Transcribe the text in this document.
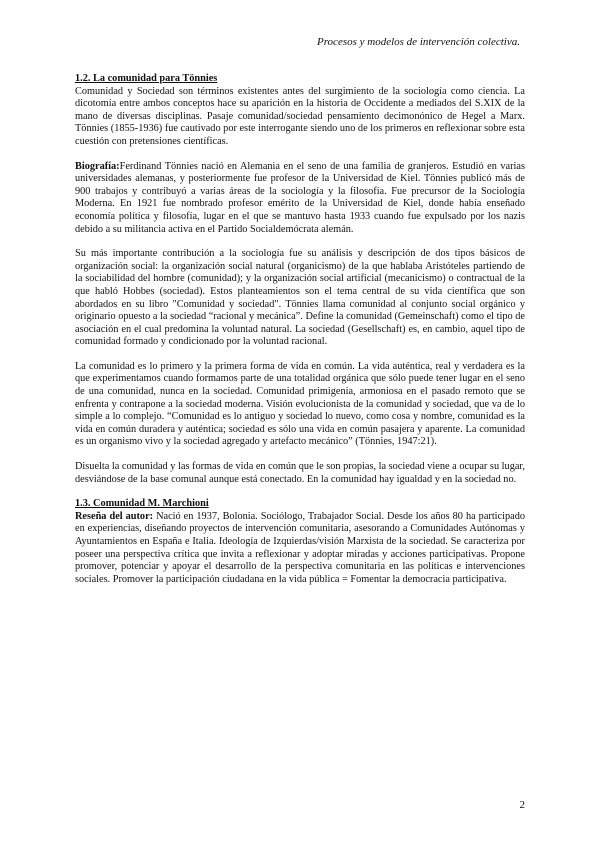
Procesos y modelos de intervención colectiva.

1.2. La comunidad para Tönnies

Comunidad y Sociedad son términos existentes antes del surgimiento de la sociología como ciencia. La dicotomía entre ambos conceptos hace su aparición en la historia de Occidente a mediados del S.XIX de la mano de diversas disciplinas. Pasaje comunidad/sociedad pensamiento decimonónico de Hegel a Marx. Tönnies (1855-1936) fue cautivado por este interrogante siendo uno de los primeros en reflexionar sobre esta cuestión con pretensiones científicas.

Biografía:Ferdinand Tönnies nació en Alemania en el seno de una familia de granjeros. Estudió en varias universidades alemanas, y posteriormente fue profesor de la Universidad de Kiel. Tönnies publicó más de 900 trabajos y contribuyó a varias áreas de la sociología y la filosofía. Fue precursor de la Sociología Moderna. En 1921 fue nombrado profesor emérito de la Universidad de Kiel, donde había enseñado economía política y filosofía, lugar en el que se mantuvo hasta 1933 cuando fue expulsado por los nazis debido a su militancia activa en el Partido Socialdemócrata alemán.

Su más importante contribución a la sociología fue su análisis y descripción de dos tipos básicos de organización social: la organización social natural (organicismo) de la que hablaba Aristóteles partiendo de la sociabilidad del hombre (comunidad); y la organización social artificial (mecanicismo) o contractual de la que habló Hobbes (sociedad). Estos planteamientos son el tema central de su vida científica que son abordados en su libro "Comunidad y sociedad". Tönnies llama comunidad al conjunto social orgánico y originario opuesto a la sociedad “racional y mecánica”. Define la comunidad (Gemeinschaft) como el tipo de asociación en el cual predomina la voluntad natural. La sociedad (Gesellschaft) es, en cambio, aquel tipo de comunidad formado y condicionado por la voluntad racional.

La comunidad es lo primero y la primera forma de vida en común. La vida auténtica, real y verdadera es la que experimentamos cuando formamos parte de una totalidad orgánica que sólo puede tener lugar en el seno de una comunidad, nunca en la sociedad. Comunidad primigenia, armoniosa en el pasado remoto que se enfrenta y contrapone a la sociedad moderna. Visión evolucionista de la comunidad y sociedad, que va de lo simple a lo complejo. “Comunidad es lo antiguo y sociedad lo nuevo, como cosa y nombre, comunidad es la vida en común duradera y auténtica; sociedad es sólo una vida en común pasajera y aparente. La comunidad es un organismo vivo y la sociedad agregado y artefacto mecánico” (Tönnies, 1947:21).

Disuelta la comunidad y las formas de vida en común que le son propias, la sociedad viene a ocupar su lugar, desviándose de la base comunal aunque está conectado. En la comunidad hay igualdad y en la sociedad no.

1.3. Comunidad M. Marchioni

Reseña del autor: Nació en 1937, Bolonia. Sociólogo, Trabajador Social. Desde los años 80 ha participado en experiencias, diseñando proyectos de intervención comunitaria, asesorando a Comunidades Autónomas y Ayuntamientos en España e Italia. Ideología de Izquierdas/visión Marxista de la sociedad. Se caracteriza por poseer una perspectiva crítica que invita a reflexionar y adoptar miradas y acciones participativas. Propone promover, potenciar y apoyar el desarrollo de la perspectiva comunitaria en las políticas e intervenciones sociales. Promover la participación ciudadana en la vida pública = Fomentar la democracia participativa.

2
